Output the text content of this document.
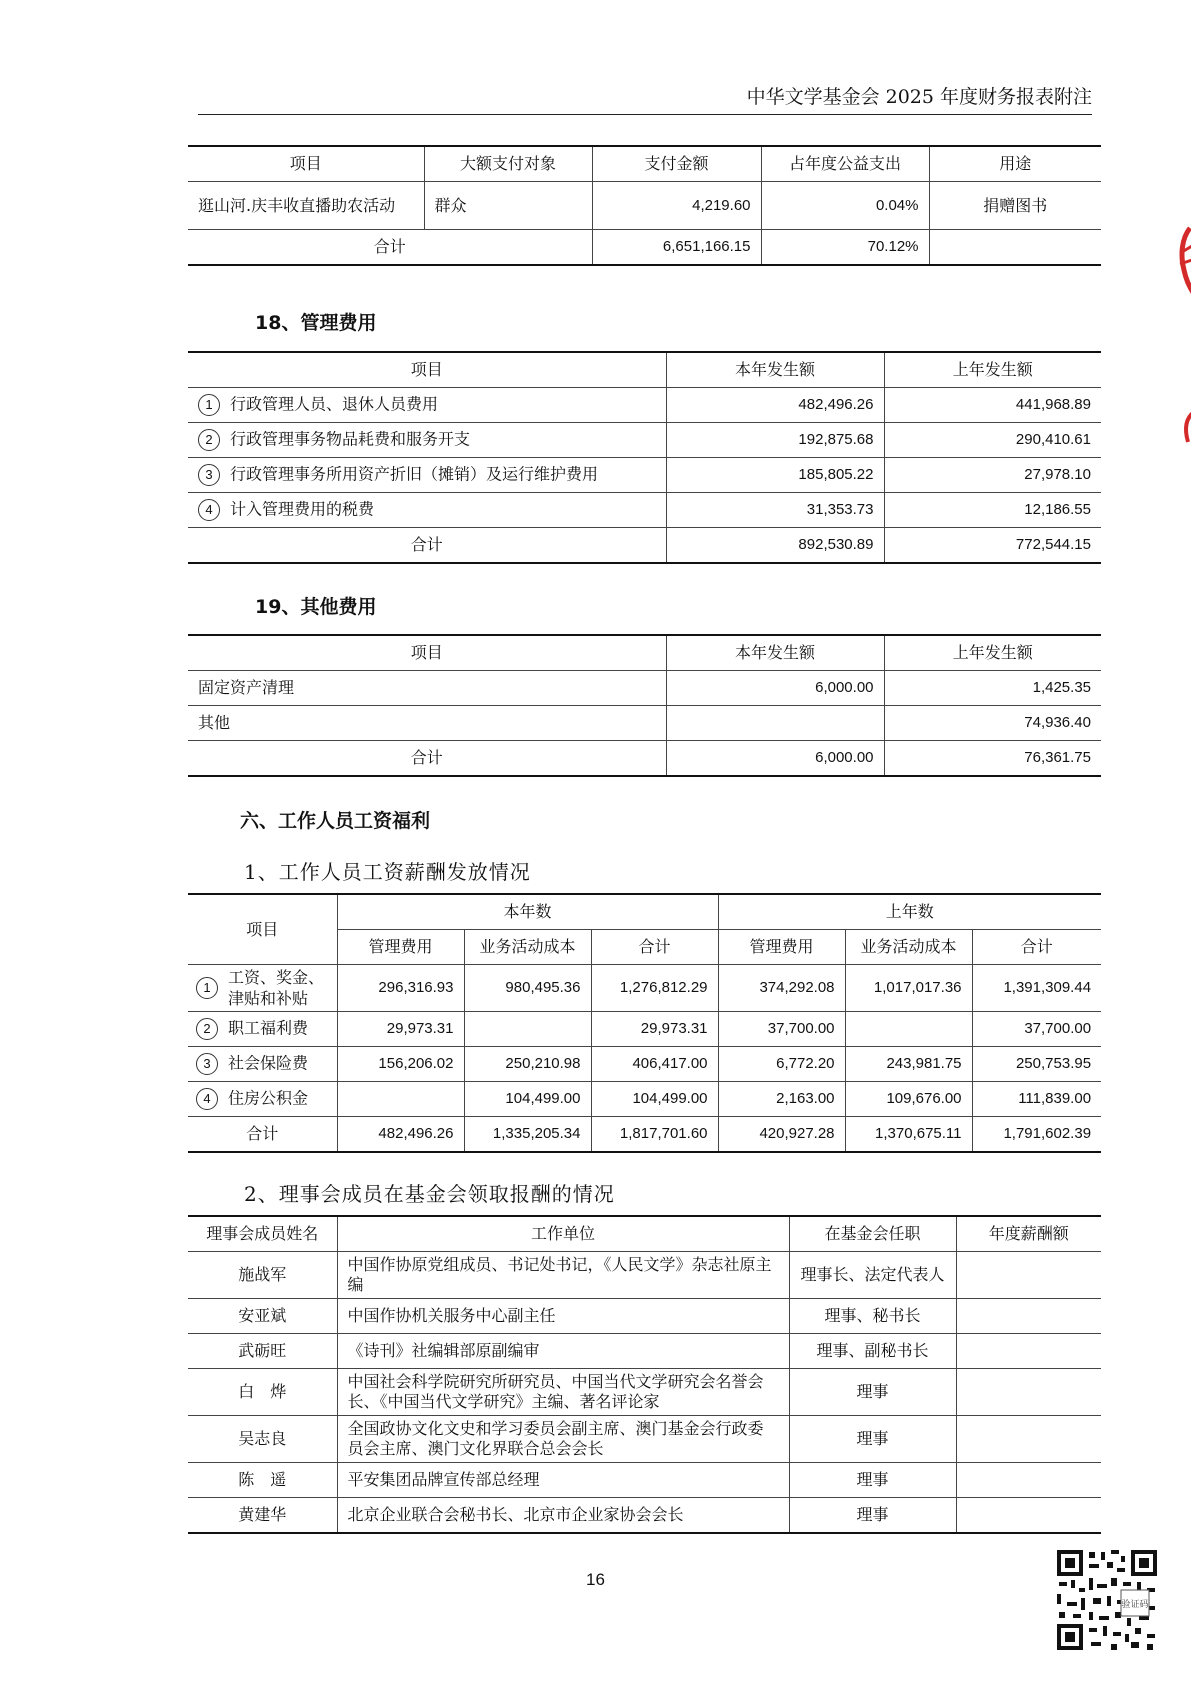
中华文学基金会 2025 年度财务报表附注
项目	大额支付对象	支付金额	占年度公益支出	用途
逛山河.庆丰收直播助农活动	群众	4,219.60	0.04%	捐赠图书
合计		6,651,166.15	70.12%	
18、管理费用
项目	本年发生额	上年发生额
1 行政管理人员、退休人员费用	482,496.26	441,968.89
2 行政管理事务物品耗费和服务开支	192,875.68	290,410.61
3 行政管理事务所用资产折旧（摊销）及运行维护费用	185,805.22	27,978.10
4 计入管理费用的税费	31,353.73	12,186.55
合计	892,530.89	772,544.15
19、其他费用
项目	本年发生额	上年发生额
固定资产清理	6,000.00	1,425.35
其他		74,936.40
合计	6,000.00	76,361.75
六、工作人员工资福利
1、工作人员工资薪酬发放情况
项目	本年数			上年数		
	管理费用	业务活动成本	合计	管理费用	业务活动成本	合计

1
工资、奖金、津贴和补贴	296,316.93	980,495.36	1,276,812.29	374,292.08	1,017,017.36	1,391,309.44
2 职工福利费	29,973.31		29,973.31	37,700.00		37,700.00
3 社会保险费	156,206.02	250,210.98	406,417.00	6,772.20	243,981.75	250,753.95
4 住房公积金		104,499.00	104,499.00	2,163.00	109,676.00	111,839.00
合计	482,496.26	1,335,205.34	1,817,701.60	420,927.28	1,370,675.11	1,791,602.39
2、理事会成员在基金会领取报酬的情况
理事会成员姓名	工作单位	在基金会任职	年度薪酬额
施战军	中国作协原党组成员、书记处书记，《人民文学》杂志社原主编	理事长、法定代表人	
安亚斌	中国作协机关服务中心副主任	理事、秘书长	
武砺旺	《诗刊》社编辑部原副编审	理事、副秘书长	
白　烨	中国社会科学院研究所研究员、中国当代文学研究会名誉会长、《中国当代文学研究》主编、著名评论家	理事	
吴志良	全国政协文化文史和学习委员会副主席、澳门基金会行政委员会主席、澳门文化界联合总会会长	理事	
陈　遥	平安集团品牌宣传部总经理	理事	
黄建华	北京企业联合会秘书长、北京市企业家协会会长	理事	
16
验证码
